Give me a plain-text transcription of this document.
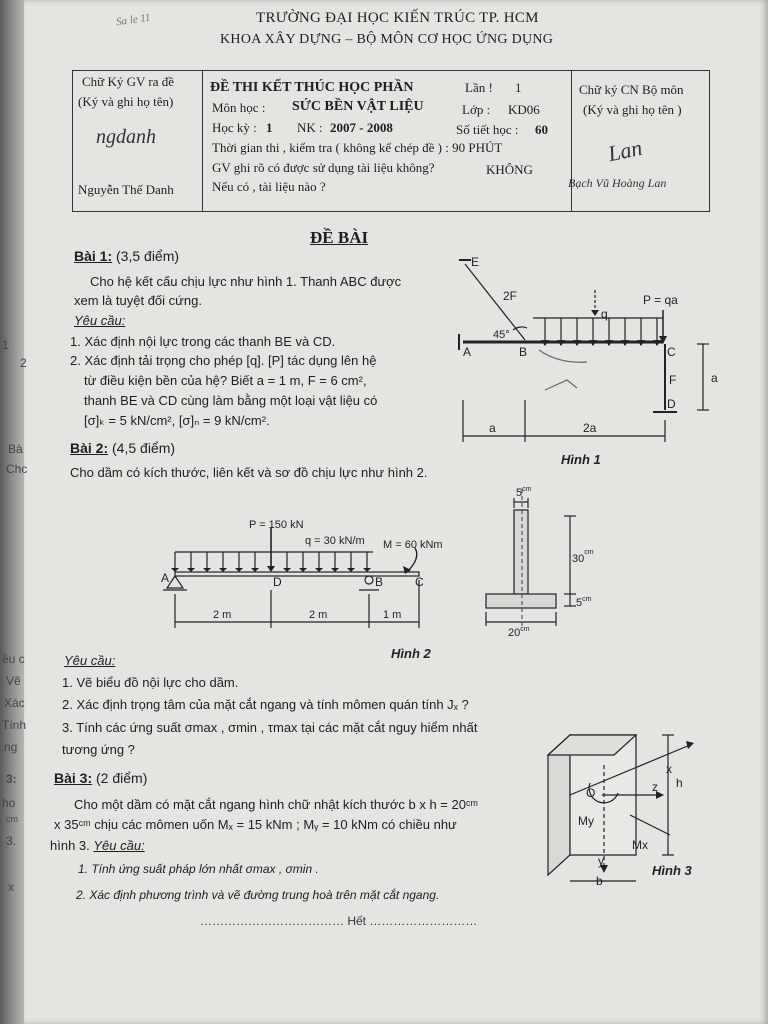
1
2
Bà
Chc
ều c
Vẽ
Xác
Tính
ng
3:
ho
cm
3.
x
Sa le 11	TRƯỜNG ĐẠI HỌC KIẾN TRÚC TP. HCM
KHOA XÂY DỰNG – BỘ MÔN CƠ HỌC ỨNG DỤNG
Chữ Ký GV ra đề
(Ký và ghi họ tên)
ngdanh
Nguyễn Thế Danh
ĐỀ THI KẾT THÚC HỌC PHẦN	Lần ! 1
Môn học : SỨC BỀN VẬT LIỆU	Lớp : KD06
Học kỳ : 1 NK : 2007 - 2008	Số tiết học : 60
Thời gian thi , kiểm tra ( không kể chép đề ) : 90 PHÚT
GV ghi rõ có được sử dụng tài liệu không?	KHÔNG
Nếu có , tài liệu nào ?
Chữ ký CN Bộ môn
(Ký và ghi họ tên )
Lan
Bạch Vũ Hoàng Lan
ĐỀ BÀI
Bài 1: (3,5 điểm)
Cho hệ kết cấu chịu lực như hình 1. Thanh ABC được
xem là tuyệt đối cứng.
Yêu cầu:
1. Xác định nội lực trong các thanh BE và CD.
2. Xác định tải trọng cho phép [q]. [P] tác dụng lên hệ
từ điều kiện bền của hệ? Biết a = 1 m, F = 6 cm²,
thanh BE và CD cùng làm bằng một loại vật liệu có
[σ]ₖ = 5 kN/cm², [σ]ₙ = 9 kN/cm².
Bài 2: (4,5 điểm)
Cho dầm có kích thước, liên kết và sơ đồ chịu lực như hình 2.
Yêu cầu:
1. Vẽ biểu đồ nội lực cho dầm.
2. Xác định trọng tâm của mặt cắt ngang và tính mômen quán tính Jₓ ?
3. Tính các ứng suất σmax , σmin , τmax tại các mặt cắt nguy hiểm nhất
tương ứng ?
Bài 3: (2 điểm)
Cho một dầm có mặt cắt ngang hình chữ nhật kích thước b x h = 20ᶜᵐ
x 35ᶜᵐ chịu các mômen uốn Mₓ = 15 kNm ; Mᵧ = 10 kNm có chiều như
hình 3. Yêu cầu:
1. Tính ứng suất pháp lớn nhất σmax , σmin .
2. Xác định phương trình và vẽ đường trung hoà trên mặt cắt ngang.
……………………………… Hết ………………………
E
2F
q
P = qa
45°
A	B	C
F
D
a
a	2a
Hình 1
P = 150 kN
q = 30 kN/m M = 60 kNm
A	D	B	C
2 m	2 m	1 m
Hình 2
$5^{cm}$
$30^{cm}$
$5^{cm}$
$20^{cm}$
O
x
z h
My
Mx
y
b
Hình 3
